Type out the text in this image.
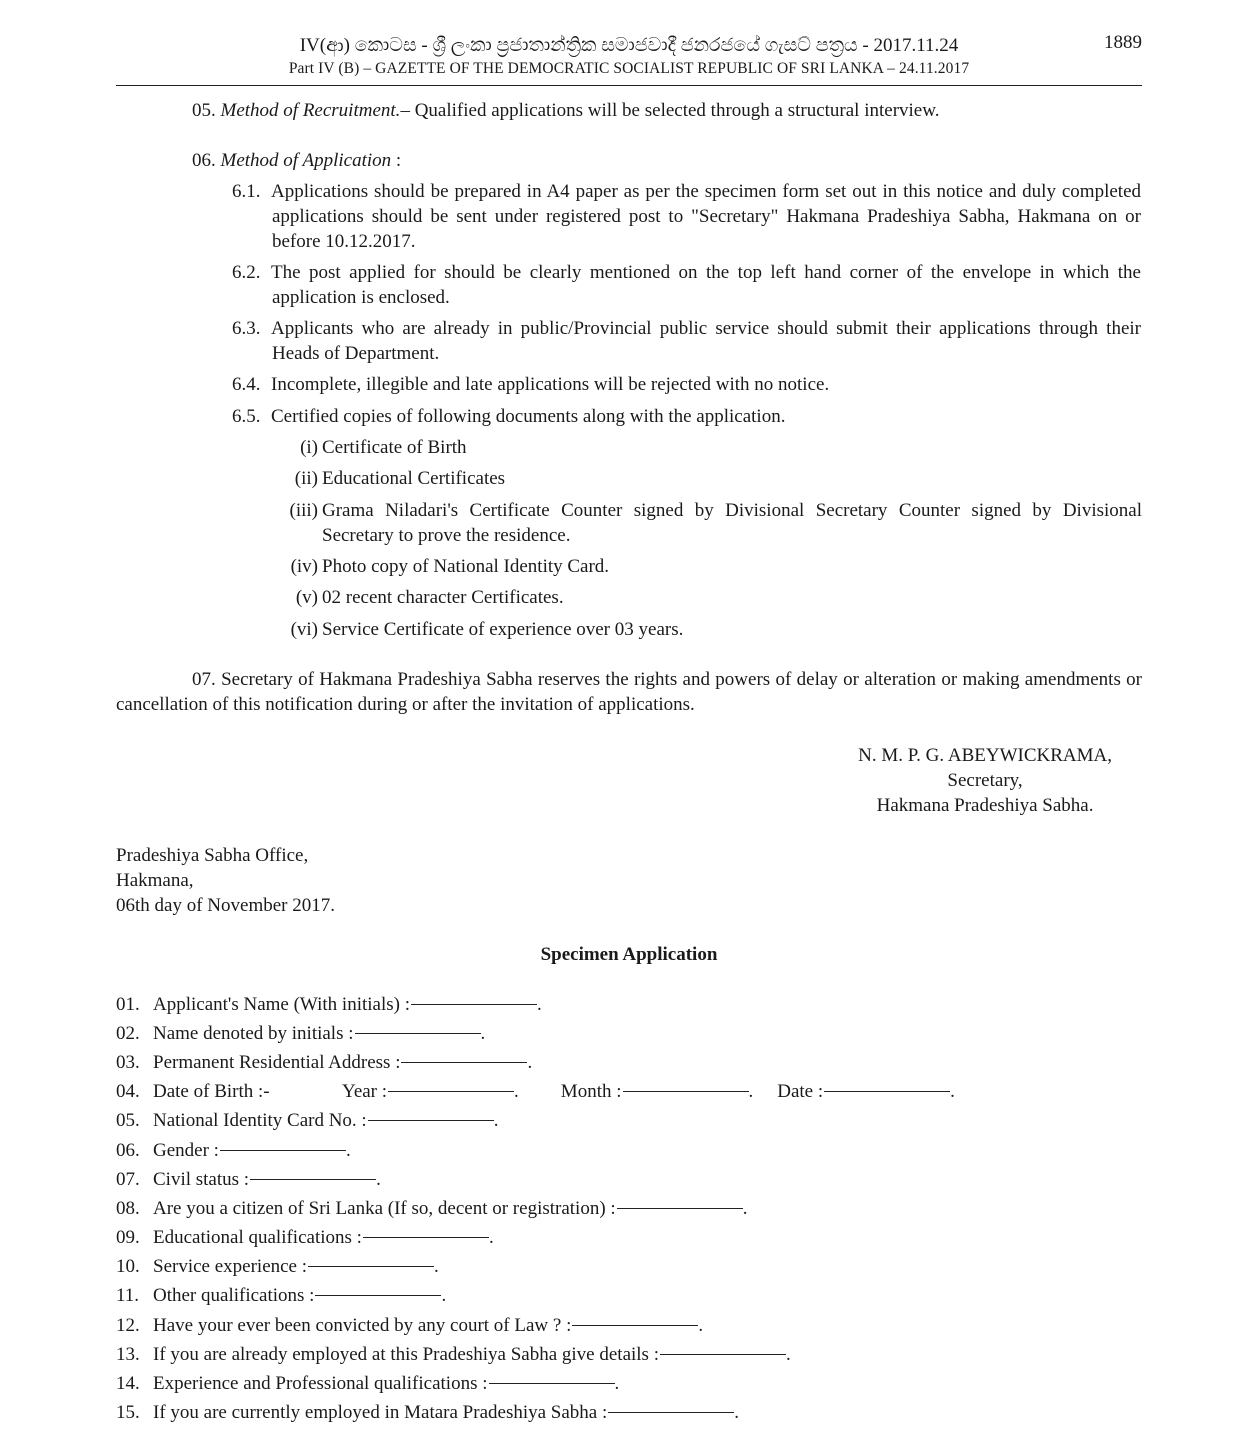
IV(ආ) කොටස - ශ්‍රී ලංකා ප්‍රජාතාන්ත්‍රික සමාජවාදී ජනරජයේ ගැසට් පත්‍රය - 2017.11.24
Part IV (B) – GAZETTE OF THE DEMOCRATIC SOCIALIST REPUBLIC OF SRI LANKA – 24.11.2017
1889
05. Method of Recruitment.– Qualified applications will be selected through a structural interview.
06. Method of Application :
6.1. Applications should be prepared in A4 paper as per the specimen form set out in this notice and duly completed applications should be sent under registered post to "Secretary" Hakmana Pradeshiya Sabha, Hakmana on or before 10.12.2017.

6.2. The post applied for should be clearly mentioned on the top left hand corner of the envelope in which the application is enclosed.

6.3. Applicants who are already in public/Provincial public service should submit their applications through their Heads of Department.

6.4. Incomplete, illegible and late applications will be rejected with no notice.

6.5. Certified copies of following documents along with the application.

(i) Certificate of Birth

(ii) Educational Certificates

(iii) Grama Niladari's Certificate Counter signed by Divisional Secretary Counter signed by Divisional Secretary to prove the residence.

(iv) Photo copy of National Identity Card.

(v) 02 recent character Certificates.

(vi) Service Certificate of experience over 03 years.

07. Secretary of Hakmana Pradeshiya Sabha reserves the rights and powers of delay or alteration or making amendments or cancellation of this notification during or after the invitation of applications.

N. M. P. G. ABEYWICKRAMA,
Secretary,
Hakmana Pradeshiya Sabha.
Pradeshiya Sabha Office,
Hakmana,
06th day of November 2017.
Specimen Application
01. Applicant's Name (With initials) :	.
02. Name denoted by initials :	.
03. Permanent Residential Address :	.
04. Date of Birth :-	Year :	. Month :	. Date :	.
05. National Identity Card No. :	.
06. Gender :	.
07. Civil status :	.
08. Are you a citizen of Sri Lanka (If so, decent or registration) :	.
09. Educational qualifications :	.
10. Service experience :	.
11. Other qualifications :	.
12. Have your ever been convicted by any court of Law ? :	.
13. If you are already employed at this Pradeshiya Sabha give details :	.
14. Experience and Professional qualifications :	.
15. If you are currently employed in Matara Pradeshiya Sabha :	.
